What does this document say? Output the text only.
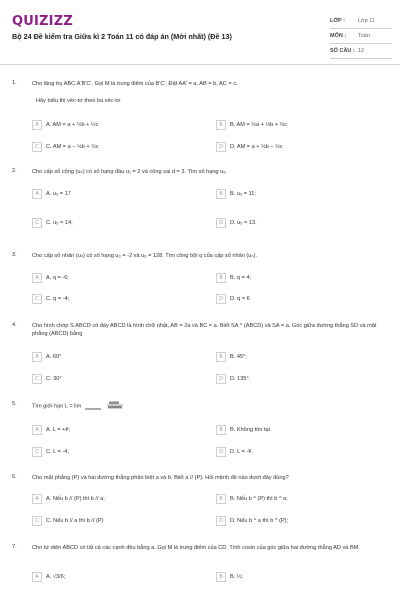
QUIZIZZ
Bộ 24 Đề kiểm tra Giữa kì 2 Toán 11 có đáp án (Mới nhất) (Đề 13)
LỚP :	Lớp 11
MÔN :	Toán
SỐ CÂU : 12
1.	Cho lăng trụ ABC.A'B'C'. Gọi M là trung điểm của B'C'. Đặt AA' = a, AB = b, AC = c.
Hãy biểu thị véc-tơ theo ba véc-tơ
A	A. AM = a + ½b + ½c	B	B. AM = ½a + ½b + ½c
C	C. AM = a − ½b + ½c	D	D. AM = a + ½b − ½c
2.	Cho cấp số cộng (uₙ) có số hạng đầu u₁ = 2 và công sai d = 3. Tìm số hạng u₅.
A	A. u₅ = 17	B	B. u₅ = 11;
C	C. u₅ = 14;	D	D. u₅ = 13.
3.	Cho cấp số nhân (uₙ) có số hạng u₃ = -2 và u₆ = 128. Tìm công bội q của cấp số nhân (uₙ).
A	A. q = -6;	B	B. q = 4;
C	C. q = -4;	D	D. q = 6
4.	Cho hình chóp S.ABCD có đáy ABCD là hình chữ nhật, AB = 2a và BC = a. Biết SA ^ (ABCD) và SA = a. Góc giữa đường thẳng SD và mặt phẳng (ABCD) bằng
A	A. 60°	B	B. 45°;
C	C. 30°	D	D. 135°.
5.	Tìm giới hạn L = lim
A	A. L = +¥;	B	B. Không tồn tại
C	C. L = -4;	D	D. L = -¥.
6.	Cho mặt phẳng (P) và hai đường thẳng phân biệt a và b. Biết a // (P). Hỏi mệnh đề nào dưới đây đúng?
A	A. Nếu b // (P) thì b // a;	B	B. Nếu b ^ (P) thì b ^ a;
C	C. Nếu b // a thì b // (P)	D	D. Nếu b ^ a thì b ^ (P);
7.	Cho tứ diện ABCD có tất cả các cạnh đều bằng a. Gọi M là trung điểm của CD. Tính cosin của góc giữa hai đường thẳng AD và BM.
A	A. √3/6;	B	B. ½;
